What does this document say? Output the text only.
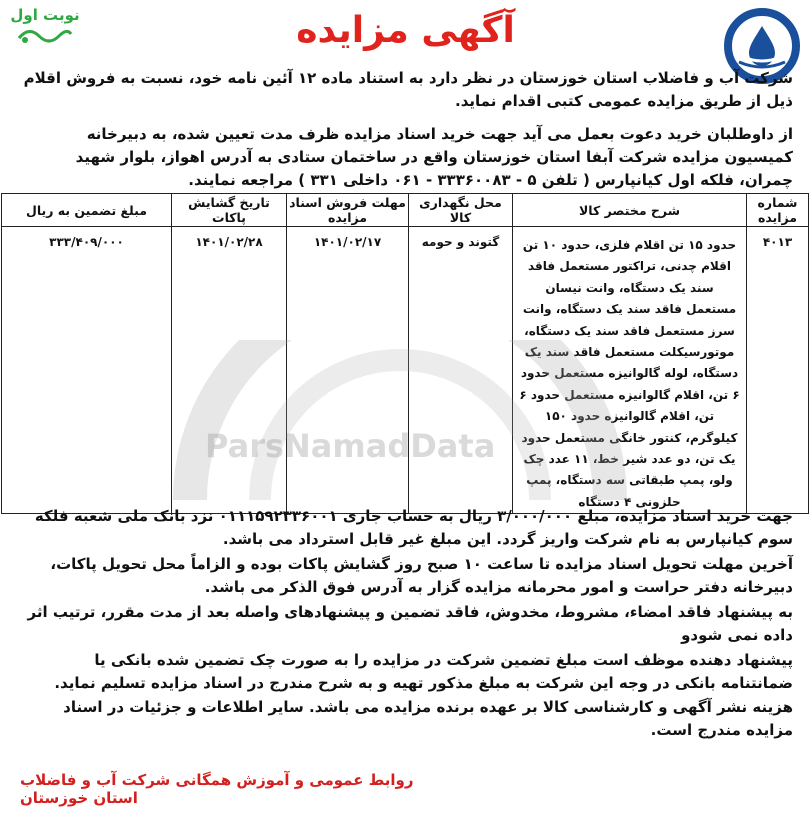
نوبت اول	آگهی مزایده
شرکت آب و فاضلاب استان خوزستان در نظر دارد به استناد ماده ۱۲ آئین نامه خود، نسبت به فروش اقلام ذیل از طریق مزایده عمومی کتبی اقدام نماید.
از داوطلبان خرید دعوت بعمل می آید جهت خرید اسناد مزایده ظرف مدت تعیین شده، به دبیرخانه کمیسیون مزایده شرکت آبفا استان خوزستان واقع در ساختمان ستادی به آدرس اهواز، بلوار شهید چمران، فلکه اول کیانپارس ( تلفن ۵ - ۳۳۳۶۰۰۸۳ - ۰۶۱ داخلی ۳۳۱ ) مراجعه نمایند.
شماره مزایده	شرح مختصر کالا	محل نگهداری کالا	مهلت فروش اسناد مزایده	تاریخ گشایش پاکات	مبلغ تضمین به ریال
۴۰۱۳	حدود ۱۵ تن اقلام فلزی، حدود ۱۰ تن اقلام چدنی، تراکتور مستعمل فاقد سند یک دستگاه، وانت نیسان مستعمل فاقد سند یک دستگاه، وانت سرز مستعمل فاقد سند یک دستگاه، موتورسیکلت مستعمل فاقد سند یک دستگاه، لوله گالوانیزه مستعمل حدود ۶ تن، اقلام گالوانیزه مستعمل حدود ۶ تن، اقلام گالوانیزه حدود ۱۵۰ کیلوگرم، کنتور خانگی مستعمل حدود یک تن، دو عدد شیر خط، ۱۱ عدد چک ولو، پمپ طبقاتی سه دستگاه، پمپ حلزونی ۴ دستگاه	گتوند و حومه	۱۴۰۱/۰۲/۱۷	۱۴۰۱/۰۲/۲۸	۳۳۳/۴۰۹/۰۰۰
ParsNamadData
جهت خرید اسناد مزایده، مبلغ ۳/۰۰۰/۰۰۰ ریال به حساب جاری ۰۱۱۱۵۹۲۳۳۶۰۰۱ نزد بانک ملی شعبه فلکه سوم کیانپارس به نام شرکت واریز گردد. این مبلغ غیر قابل استرداد می باشد.
آخرین مهلت تحویل اسناد مزایده تا ساعت ۱۰ صبح روز گشایش پاکات بوده و الزاماً محل تحویل پاکات، دبیرخانه دفتر حراست و امور محرمانه مزایده گزار به آدرس فوق الذکر می باشد.
به پیشنهاد فاقد امضاء، مشروط، مخدوش، فاقد تضمین و پیشنهادهای واصله بعد از مدت مقرر، ترتیب اثر داده نمی شودو
پیشنهاد دهنده موظف است مبلغ تضمین شرکت در مزایده را به صورت چک تضمین شده بانکی یا ضمانتنامه بانکی در وجه این شرکت به مبلغ مذکور تهیه و به شرح مندرج در اسناد مزایده تسلیم نماید.
هزینه نشر آگهی و کارشناسی کالا بر عهده برنده مزایده می باشد. سایر اطلاعات و جزئیات در اسناد مزایده مندرج است.
روابط عمومی و آموزش همگانی شرکت آب و فاضلاب استان خوزستان
